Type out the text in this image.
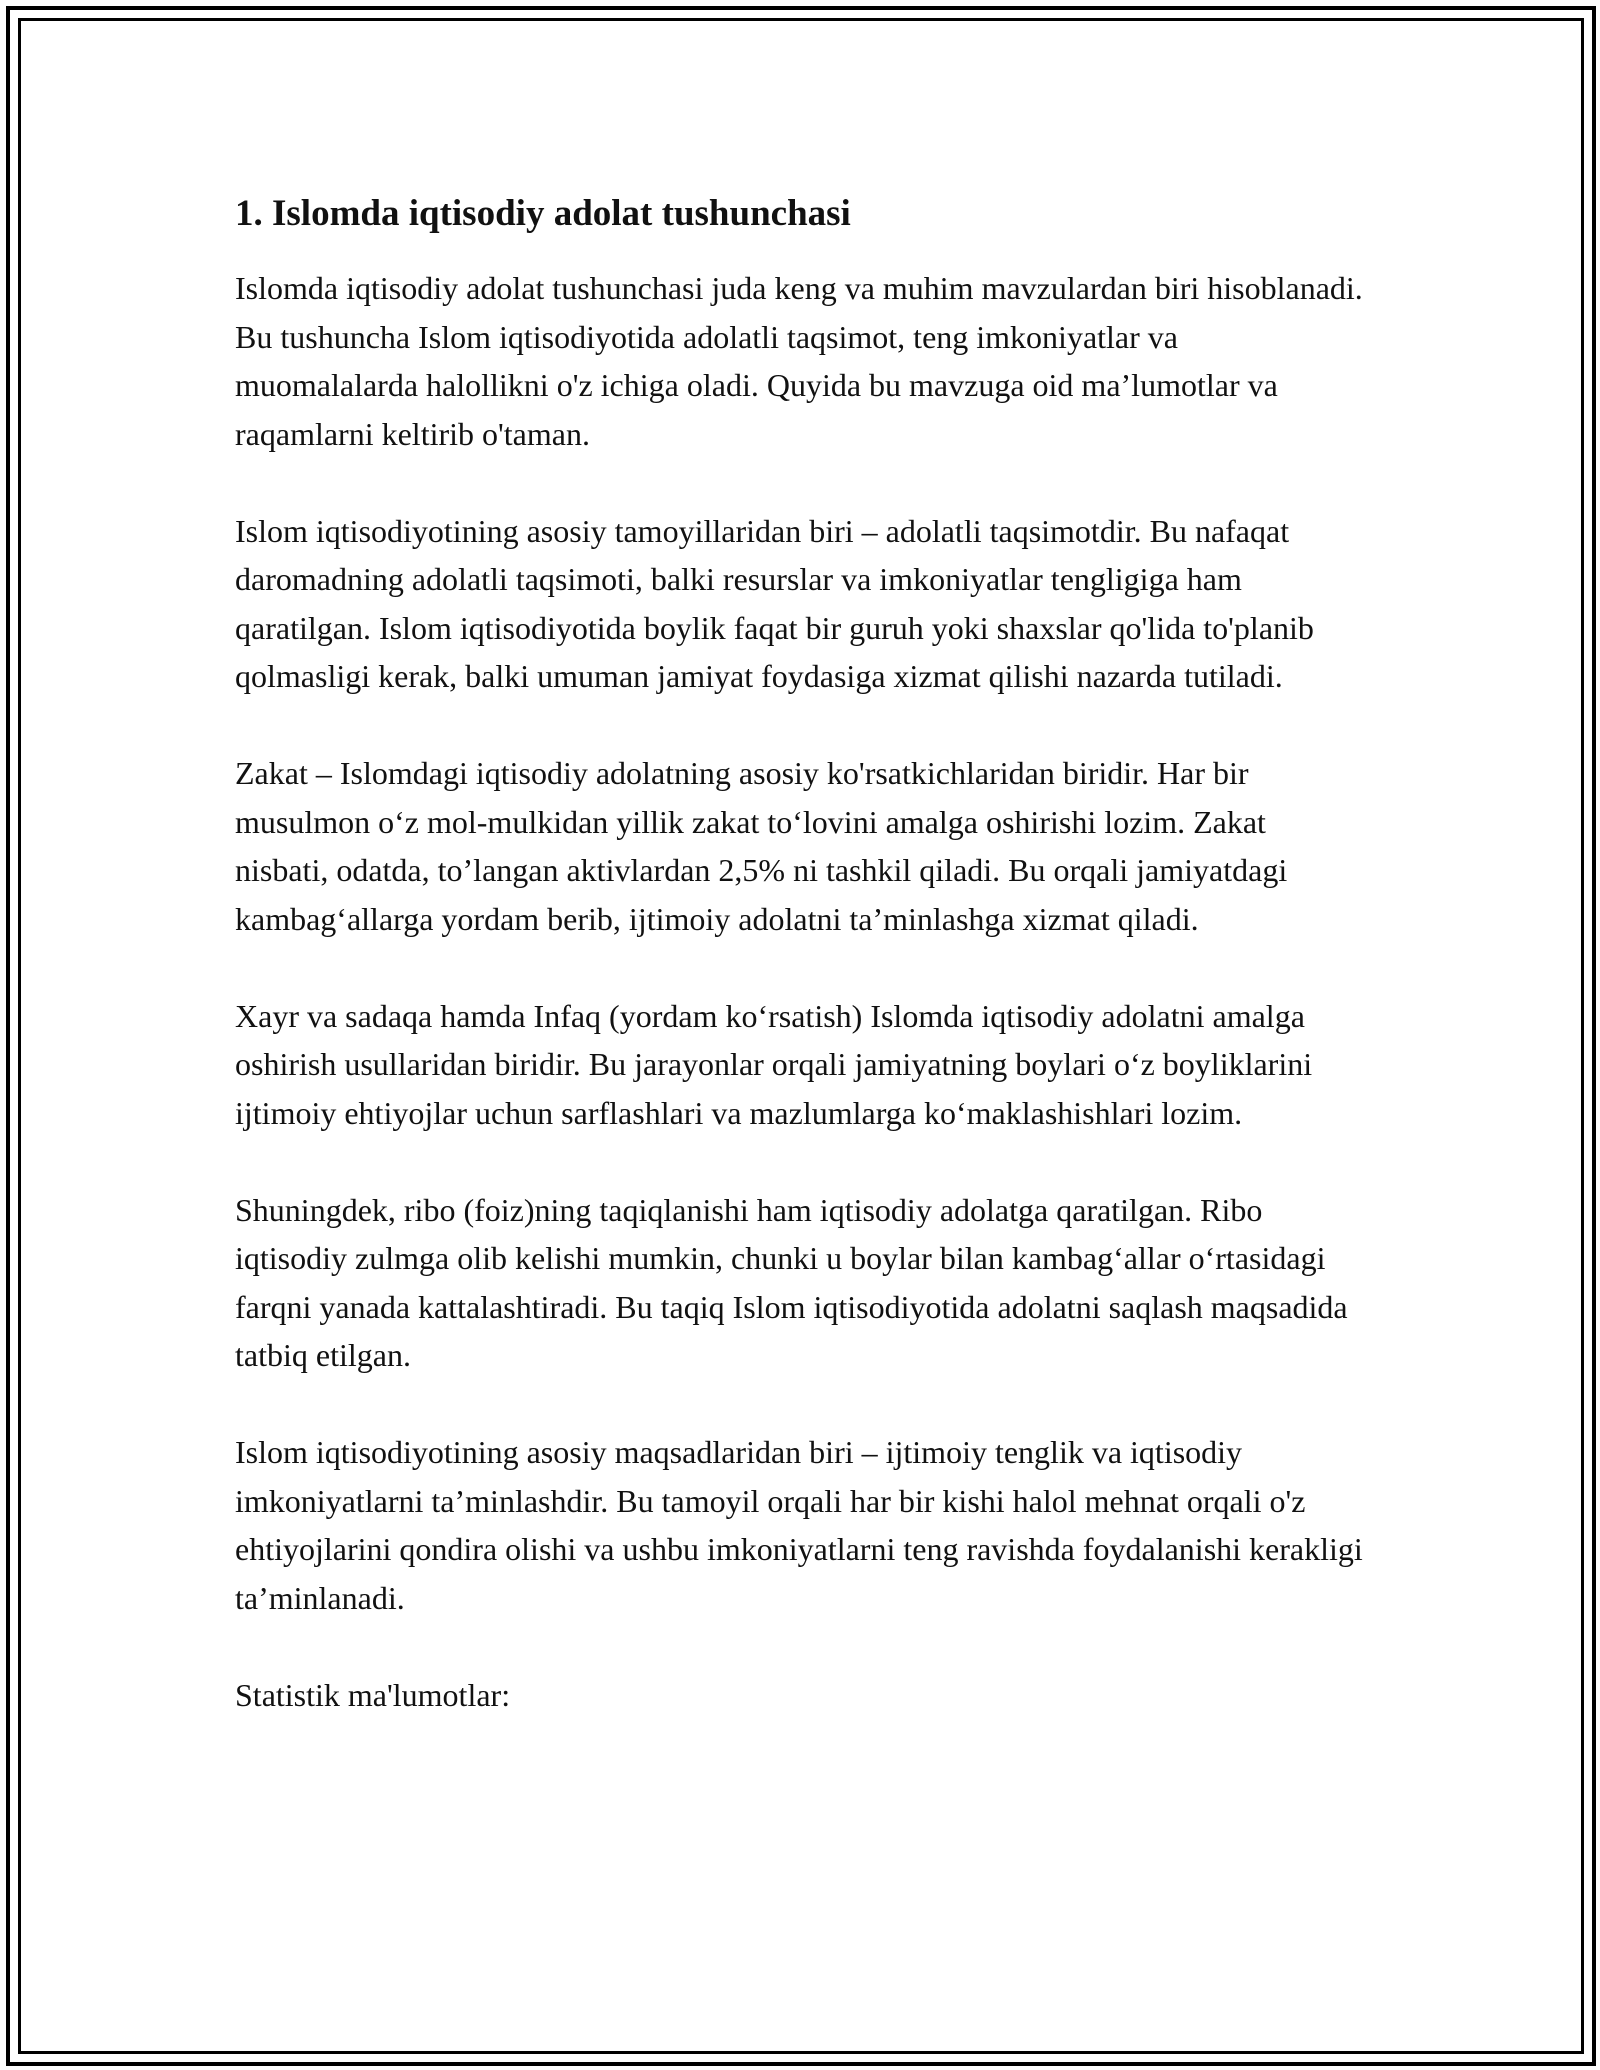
1. Islomda iqtisodiy adolat tushunchasi

Islomda iqtisodiy adolat tushunchasi juda keng va muhim mavzulardan biri hisoblanadi. Bu tushuncha Islom iqtisodiyotida adolatli taqsimot, teng imkoniyatlar va muomalalarda halollikni o'z ichiga oladi. Quyida bu mavzuga oid ma’lumotlar va raqamlarni keltirib o'taman.

Islom iqtisodiyotining asosiy tamoyillaridan biri – adolatli taqsimotdir. Bu nafaqat daromadning adolatli taqsimoti, balki resurslar va imkoniyatlar tengligiga ham qaratilgan. Islom iqtisodiyotida boylik faqat bir guruh yoki shaxslar qo'lida to'planib qolmasligi kerak, balki umuman jamiyat foydasiga xizmat qilishi nazarda tutiladi.

Zakat – Islomdagi iqtisodiy adolatning asosiy ko'rsatkichlaridan biridir. Har bir musulmon o‘z mol-mulkidan yillik zakat to‘lovini amalga oshirishi lozim. Zakat nisbati, odatda, to’langan aktivlardan 2,5% ni tashkil qiladi. Bu orqali jamiyatdagi kambag‘allarga yordam berib, ijtimoiy adolatni ta’minlashga xizmat qiladi.

Xayr va sadaqa hamda Infaq (yordam ko‘rsatish) Islomda iqtisodiy adolatni amalga oshirish usullaridan biridir. Bu jarayonlar orqali jamiyatning boylari o‘z boyliklarini ijtimoiy ehtiyojlar uchun sarflashlari va mazlumlarga ko‘maklashishlari lozim.

Shuningdek, ribo (foiz)ning taqiqlanishi ham iqtisodiy adolatga qaratilgan. Ribo iqtisodiy zulmga olib kelishi mumkin, chunki u boylar bilan kambag‘allar o‘rtasidagi farqni yanada kattalashtiradi. Bu taqiq Islom iqtisodiyotida adolatni saqlash maqsadida tatbiq etilgan.

Islom iqtisodiyotining asosiy maqsadlaridan biri – ijtimoiy tenglik va iqtisodiy imkoniyatlarni ta’minlashdir. Bu tamoyil orqali har bir kishi halol mehnat orqali o'z ehtiyojlarini qondira olishi va ushbu imkoniyatlarni teng ravishda foydalanishi kerakligi ta’minlanadi.

Statistik ma'lumotlar:
